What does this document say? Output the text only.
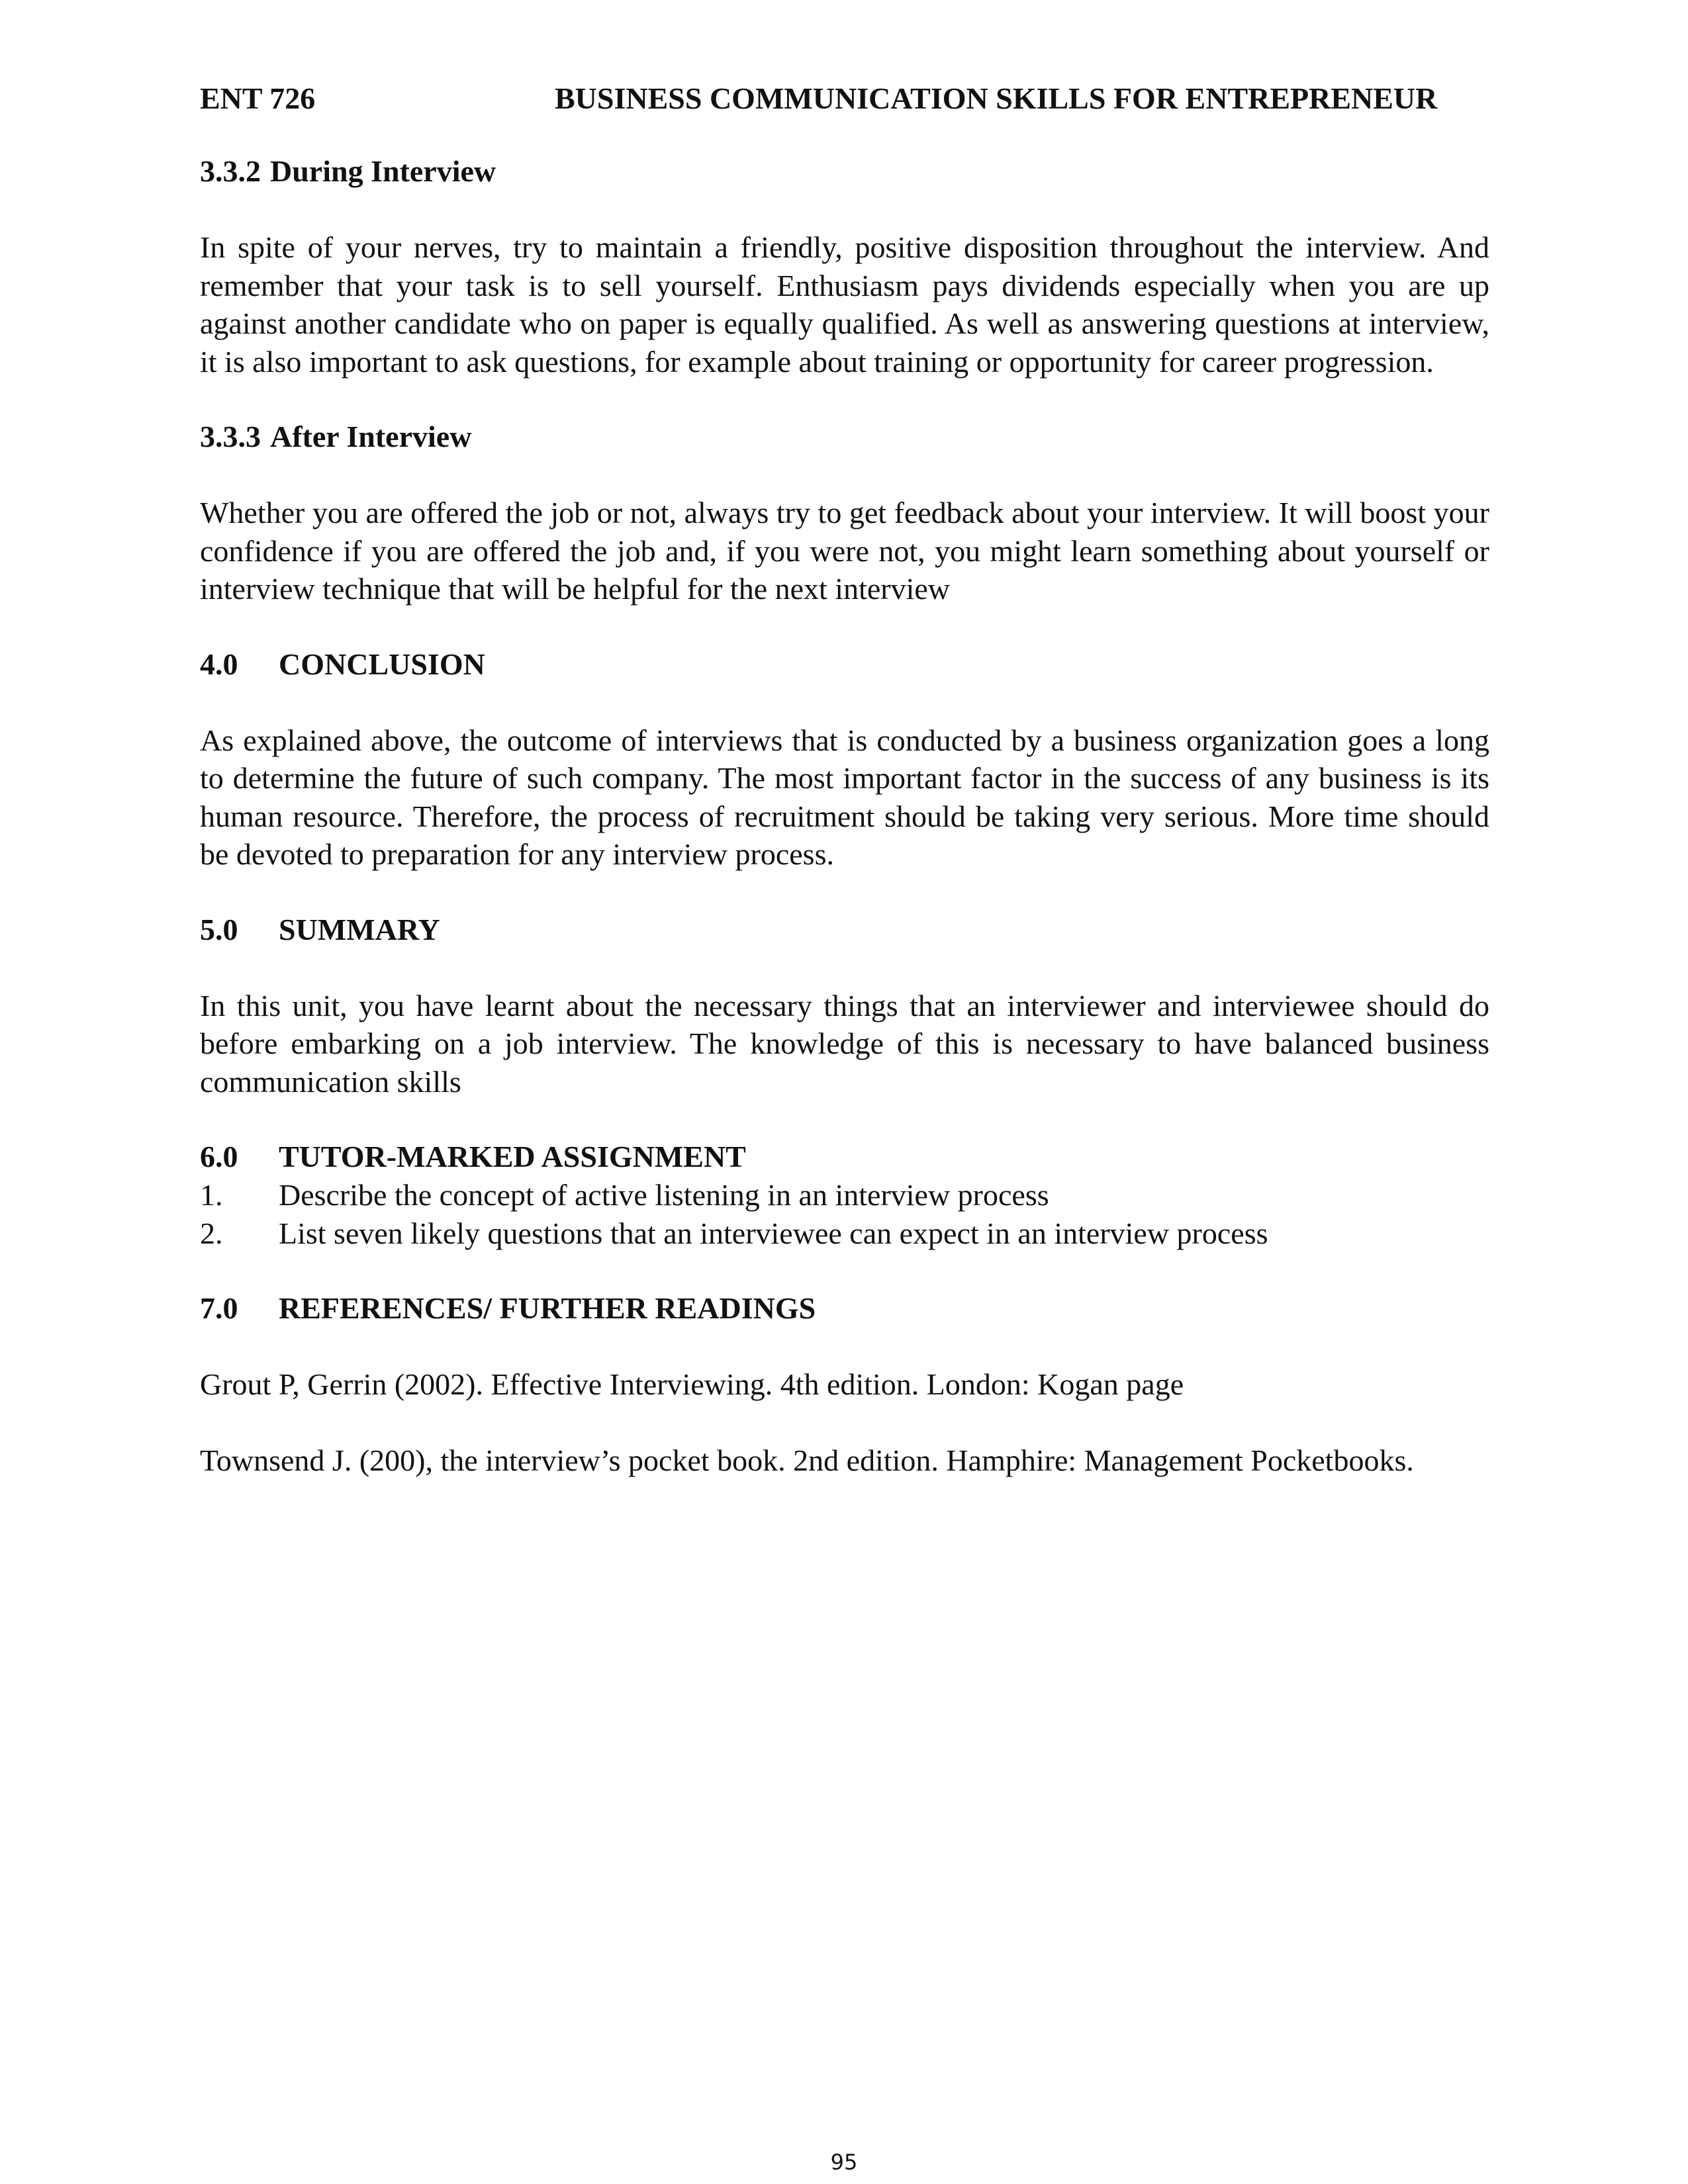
ENT 726	BUSINESS COMMUNICATION SKILLS FOR ENTREPRENEUR
3.3.2 During Interview

In spite of your nerves, try to maintain a friendly, positive disposition throughout the interview. And remember that your task is to sell yourself. Enthusiasm pays dividends especially when you are up against another candidate who on paper is equally qualified. As well as answering questions at interview, it is also important to ask questions, for example about training or opportunity for career progression.

3.3.3 After Interview

Whether you are offered the job or not, always try to get feedback about your interview. It will boost your confidence if you are offered the job and, if you were not, you might learn something about yourself or interview technique that will be helpful for the next interview

4.0 CONCLUSION

As explained above, the outcome of interviews that is conducted by a business organization goes a long to determine the future of such company. The most important factor in the success of any business is its human resource. Therefore, the process of recruitment should be taking very serious. More time should be devoted to preparation for any interview process.

5.0 SUMMARY

In this unit, you have learnt about the necessary things that an interviewer and interviewee should do before embarking on a job interview. The knowledge of this is necessary to have balanced business communication skills

6.0 TUTOR-MARKED ASSIGNMENT
1.	Describe the concept of active listening in an interview process
2.	List seven likely questions that an interviewee can expect in an interview process
7.0 REFERENCES/ FURTHER READINGS

Grout P, Gerrin (2002). Effective Interviewing. 4th edition. London: Kogan page

Townsend J. (200), the interview’s pocket book. 2nd edition. Hamphire: Management Pocketbooks.

95
